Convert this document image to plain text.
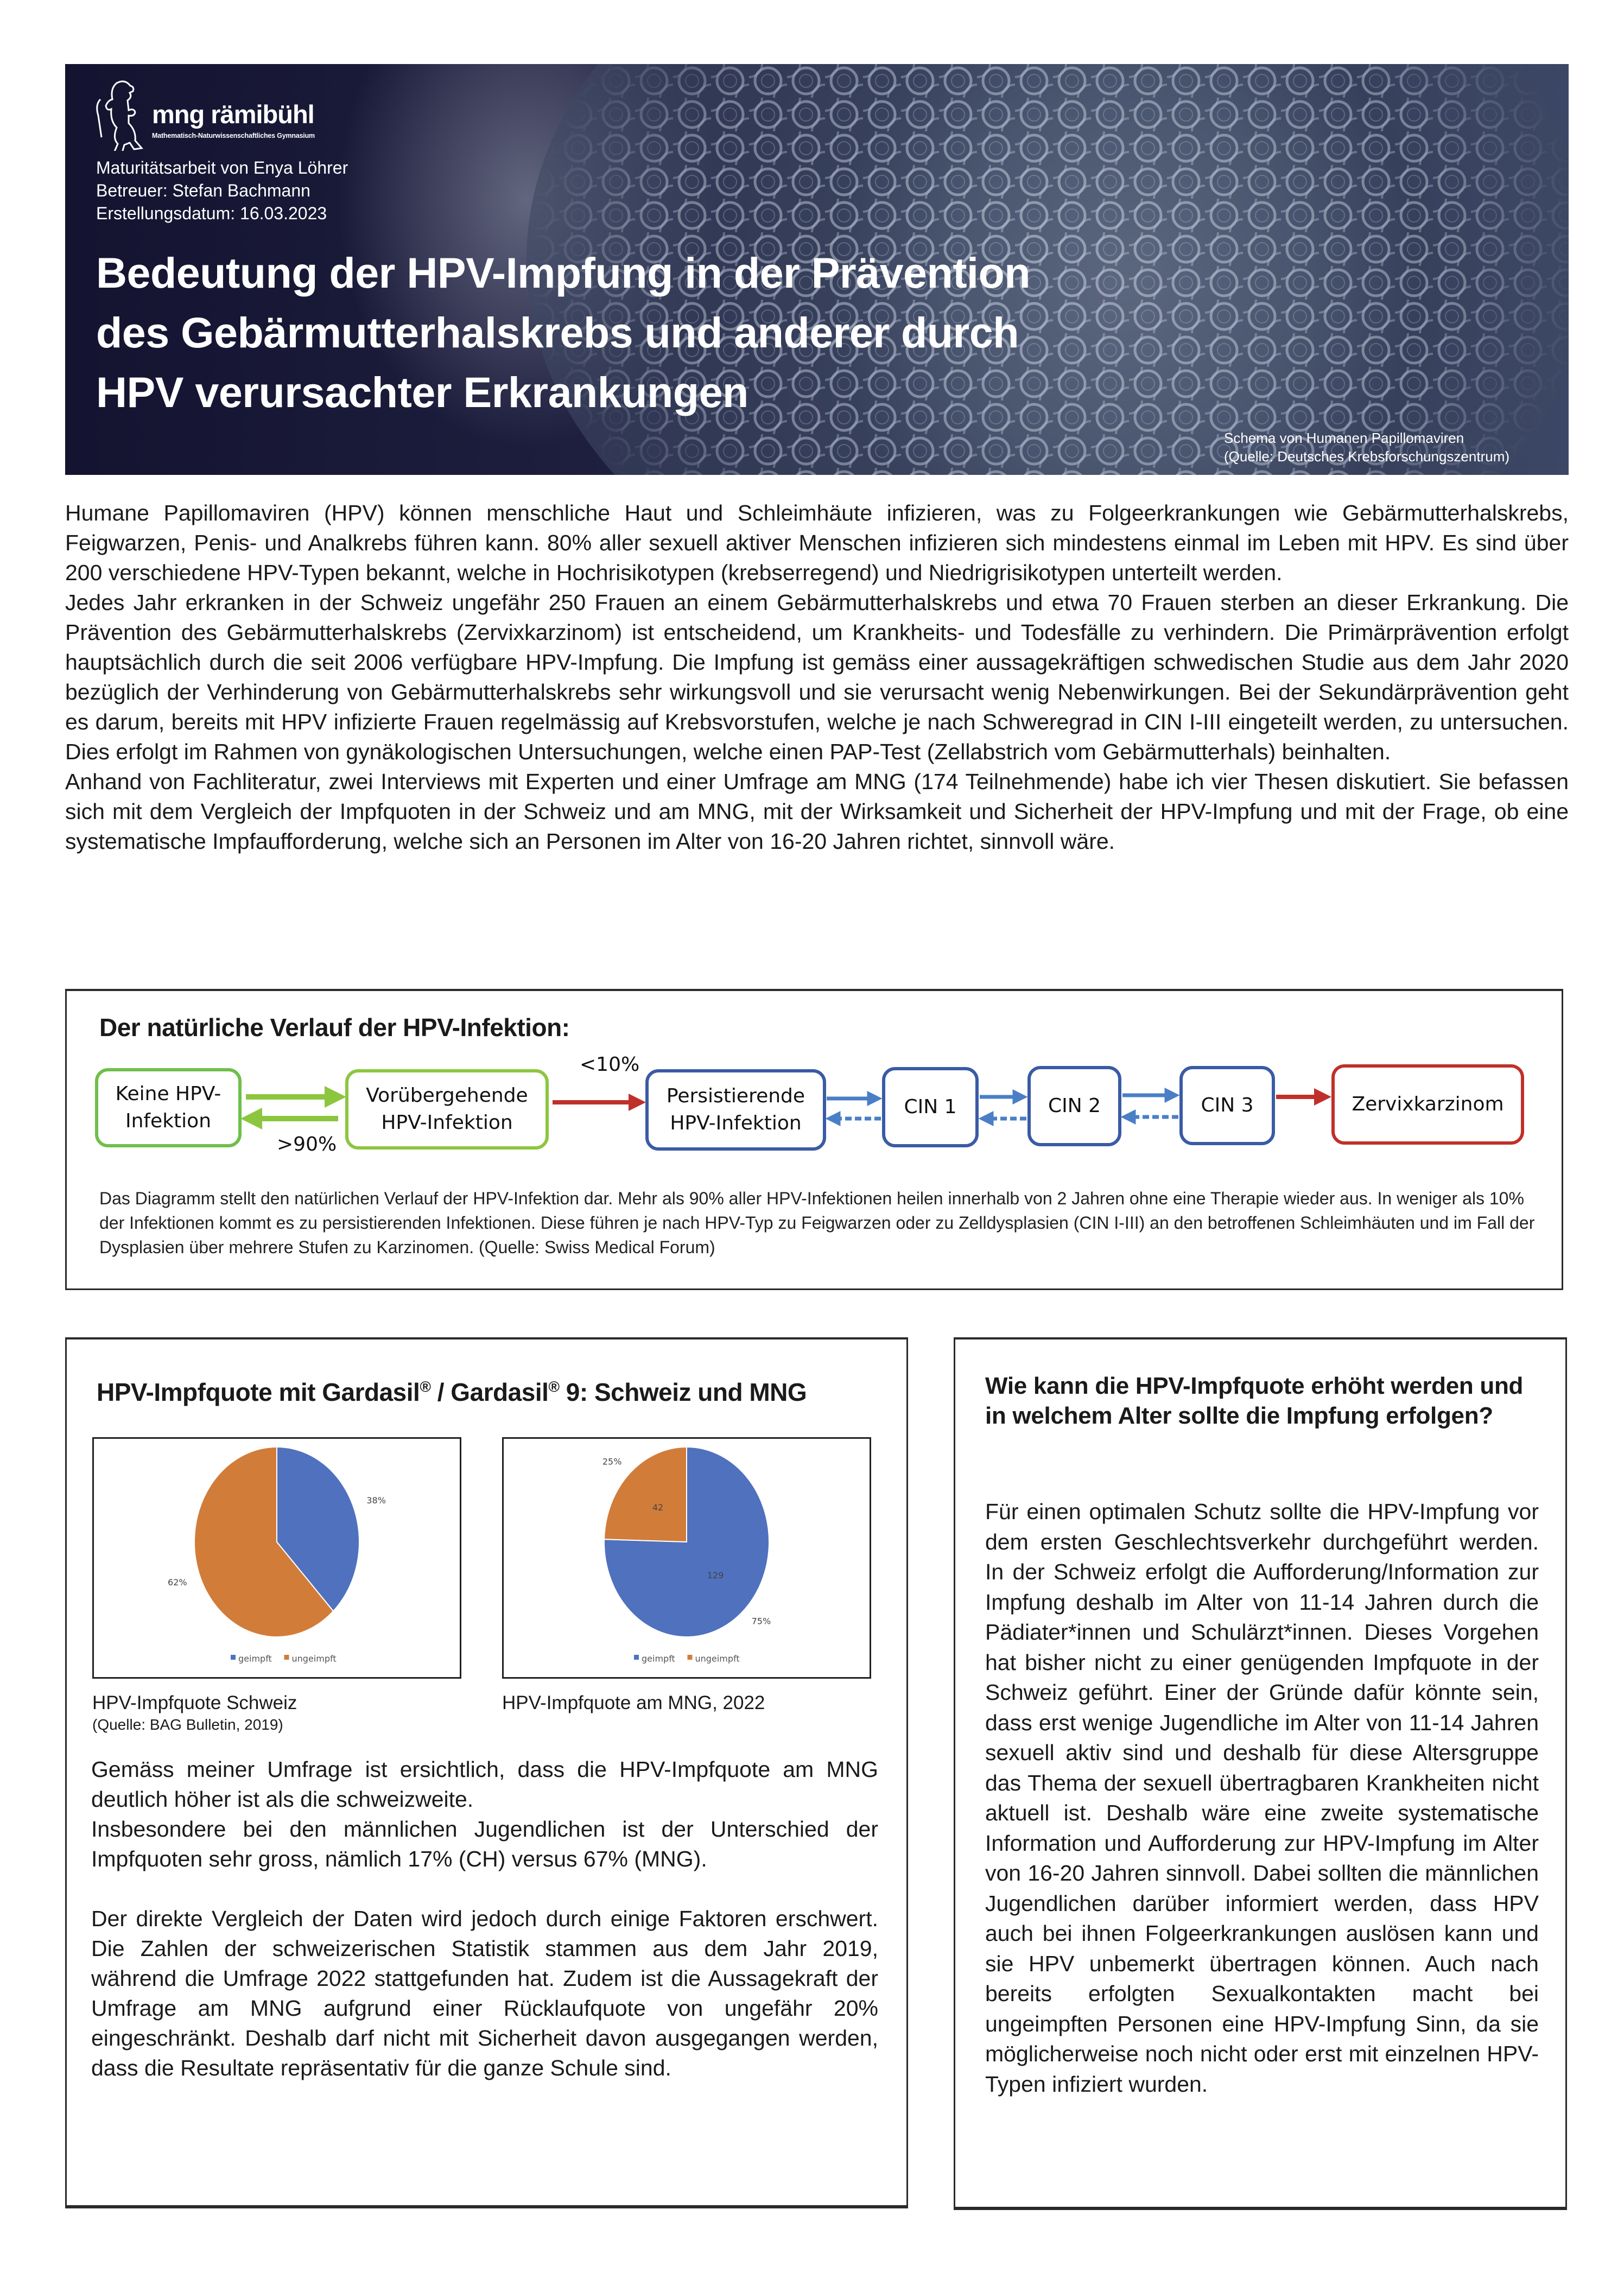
mng rämibühl
Mathematisch-Naturwissenschaftliches Gymnasium
Maturitätsarbeit von Enya Löhrer
Betreuer: Stefan Bachmann
Erstellungsdatum: 16.03.2023
Bedeutung der HPV-Impfung in der Prävention
des Gebärmutterhalskrebs und anderer durch
HPV verursachter Erkrankungen
Schema von Humanen Papillomaviren
(Quelle: Deutsches Krebsforschungszentrum)

Humane Papillomaviren (HPV) können menschliche Haut und Schleimhäute infizieren, was zu Folgeerkrankungen wie Gebärmutterhalskrebs, Feigwarzen, Penis- und Analkrebs führen kann. 80% aller sexuell aktiver Menschen infizieren sich mindestens einmal im Leben mit HPV. Es sind über 200 verschiedene HPV-Typen bekannt, welche in Hochrisikotypen (krebserregend) und Niedrigrisikotypen unterteilt werden.

Jedes Jahr erkranken in der Schweiz ungefähr 250 Frauen an einem Gebärmutterhalskrebs und etwa 70 Frauen sterben an dieser Erkrankung. Die Prävention des Gebärmutterhalskrebs (Zervixkarzinom) ist entscheidend, um Krankheits- und Todesfälle zu verhindern. Die Primärprävention erfolgt hauptsächlich durch die seit 2006 verfügbare HPV-Impfung. Die Impfung ist gemäss einer aussagekräftigen schwedischen Studie aus dem Jahr 2020 bezüglich der Verhinderung von Gebärmutterhalskrebs sehr wirkungsvoll und sie verursacht wenig Nebenwirkungen. Bei der Sekundärprävention geht es darum, bereits mit HPV infizierte Frauen regelmässig auf Krebsvorstufen, welche je nach Schweregrad in CIN I-III eingeteilt werden, zu untersuchen. Dies erfolgt im Rahmen von gynäkologischen Untersuchungen, welche einen PAP-Test (Zellabstrich vom Gebärmutterhals) beinhalten.

Anhand von Fachliteratur, zwei Interviews mit Experten und einer Umfrage am MNG (174 Teilnehmende) habe ich vier Thesen diskutiert. Sie befassen sich mit dem Vergleich der Impfquoten in der Schweiz und am MNG, mit der Wirksamkeit und Sicherheit der HPV-Impfung und mit der Frage, ob eine systematische Impfaufforderung, welche sich an Personen im Alter von 16-20 Jahren richtet, sinnvoll wäre.

Der natürliche Verlauf der HPV-Infektion:
Keine HPV-
Infektion
Vorübergehende
HPV-Infektion
Persistierende
HPV-Infektion
CIN 1	CIN 2	CIN 3	Zervixkarzinom
<10%
>90%
Das Diagramm stellt den natürlichen Verlauf der HPV-Infektion dar. Mehr als 90% aller HPV-Infektionen heilen innerhalb von 2 Jahren ohne eine Therapie wieder aus. In weniger als 10% der Infektionen kommt es zu persistierenden Infektionen. Diese führen je nach HPV-Typ zu Feigwarzen oder zu Zelldysplasien (CIN I-III) an den betroffenen Schleimhäuten und im Fall der Dysplasien über mehrere Stufen zu Karzinomen. (Quelle: Swiss Medical Forum)
HPV-Impfquote mit Gardasil® / Gardasil® 9: Schweiz und MNG
38%
62%
geimpft ungeimpft
75%
129
25%
42
geimpft ungeimpft
HPV-Impfquote Schweiz
(Quelle: BAG Bulletin, 2019)
HPV-Impfquote am MNG, 2022

Gemäss meiner Umfrage ist ersichtlich, dass die HPV-Impfquote am MNG deutlich höher ist als die schweizweite.

Insbesondere bei den männlichen Jugendlichen ist der Unterschied der Impfquoten sehr gross, nämlich 17% (CH) versus 67% (MNG).

Der direkte Vergleich der Daten wird jedoch durch einige Faktoren erschwert. Die Zahlen der schweizerischen Statistik stammen aus dem Jahr 2019, während die Umfrage 2022 stattgefunden hat. Zudem ist die Aussagekraft der Umfrage am MNG aufgrund einer Rücklaufquote von ungefähr 20% eingeschränkt. Deshalb darf nicht mit Sicherheit davon ausgegangen werden, dass die Resultate repräsentativ für die ganze Schule sind.

Wie kann die HPV-Impfquote erhöht werden und in welchem Alter sollte die Impfung erfolgen?
Für einen optimalen Schutz sollte die HPV-Impfung vor dem ersten Geschlechtsverkehr durchgeführt werden. In der Schweiz erfolgt die Aufforderung/Information zur Impfung deshalb im Alter von 11-14 Jahren durch die Pädiater*innen und Schulärzt*innen. Dieses Vorgehen hat bisher nicht zu einer genügenden Impfquote in der Schweiz geführt. Einer der Gründe dafür könnte sein, dass erst wenige Jugendliche im Alter von 11-14 Jahren sexuell aktiv sind und deshalb für diese Altersgruppe das Thema der sexuell übertragbaren Krankheiten nicht aktuell ist. Deshalb wäre eine zweite systematische Information und Aufforderung zur HPV-Impfung im Alter von 16-20 Jahren sinnvoll. Dabei sollten die männlichen Jugendlichen darüber informiert werden, dass HPV auch bei ihnen Folgeerkrankungen auslösen kann und sie HPV unbemerkt übertragen können. Auch nach bereits erfolgten Sexualkontakten macht bei ungeimpften Personen eine HPV-Impfung Sinn, da sie möglicherweise noch nicht oder erst mit einzelnen HPV-Typen infiziert wurden.
